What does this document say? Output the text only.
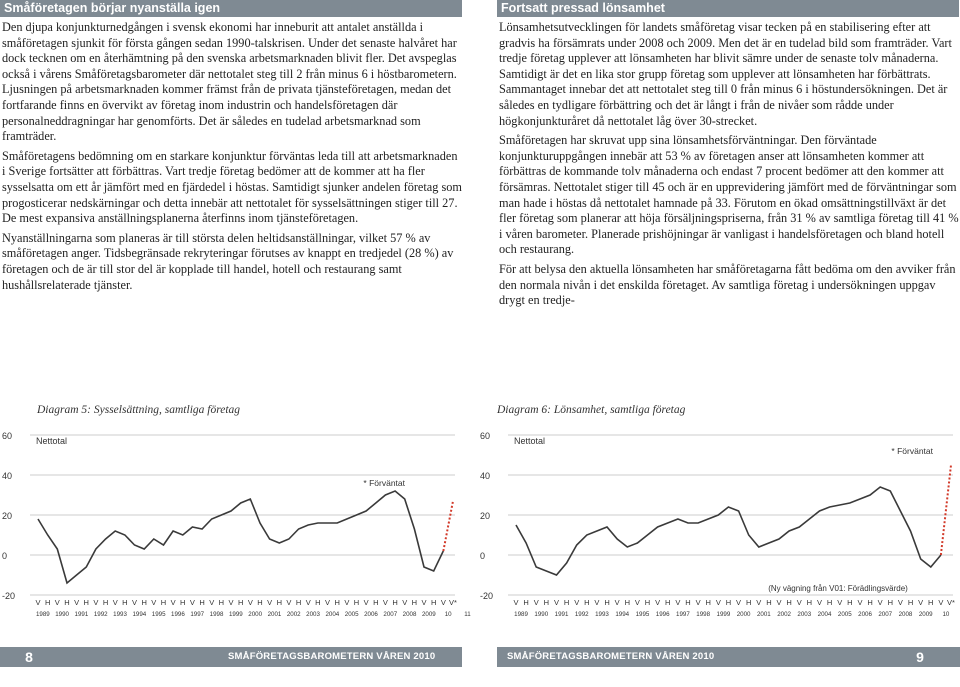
Småföretagen börjar nyanställa igen

Den djupa konjunkturnedgången i svensk ekonomi har inneburit att antalet anställda i småföretagen sjunkit för första gången sedan 1990-talskrisen. Under det senaste halvåret har dock tecknen om en återhämtning på den svenska arbetsmarknaden blivit fler. Det avspeglas också i vårens Småföretagsbarometer där nettotalet steg till 2 från minus 6 i höstbarometern. Ljusningen på arbetsmarknaden kommer främst från de privata tjänsteföretagen, medan det fortfarande finns en övervikt av företag inom industrin och handelsföretagen där personalneddragningar har genomförts. Det är således en tudelad arbetsmarknad som framträder.

Småföretagens bedömning om en starkare konjunktur förväntas leda till att arbetsmarknaden i Sverige fortsätter att förbättras. Vart tredje företag bedömer att de kommer att ha fler sysselsatta om ett år jämfört med en fjärdedel i höstas. Samtidigt sjunker andelen företag som progosticerar nedskärningar och detta innebär att nettotalet för sysselsättningen stiger till 27. De mest expansiva anställningsplanerna återfinns inom tjänsteföretagen.

Nyanställningarna som planeras är till största delen heltidsanställningar, vilket 57 % av småföretagen anger. Tidsbegränsade rekryteringar förutses av knappt en tredjedel (28 %) av företagen och de är till stor del är kopplade till handel, hotell och restaurang samt hushållsrelaterade tjänster.

Fortsatt pressad lönsamhet

Lönsamhetsutvecklingen för landets småföretag visar tecken på en stabilisering efter att gradvis ha försämrats under 2008 och 2009. Men det är en tudelad bild som framträder. Vart tredje företag upplever att lönsamheten har blivit sämre under de senaste tolv månaderna. Samtidigt är det en lika stor grupp företag som upplever att lönsamheten har förbättrats. Sammantaget innebar det att nettotalet steg till 0 från minus 6 i höstundersökningen. Det är således en tydligare förbättring och det är långt i från de nivåer som rådde under högkonjunkturåret då nettotalet låg över 30-strecket.

Småföretagen har skruvat upp sina lönsamhetsförväntningar. Den förväntade konjunkturuppgången innebär att 53 % av företagen anser att lönsamheten kommer att förbättras de kommande tolv månaderna och endast 7 procent bedömer att den kommer att försämras. Nettotalet stiger till 45 och är en upprevidering jämfört med de förväntningar som man hade i höstas då nettotalet hamnade på 33. Förutom en ökad omsättningstillväxt är det fler företag som planerar att höja försäljningspriserna, från 31 % av samtliga företag till 41 % i våren barometer. Planerade prishöjningar är vanligast i handelsföretagen och bland hotell och restaurang.

För att belysa den aktuella lönsamheten har småföretagarna fått bedöma om den avviker från den normala nivån i det enskilda företaget. Av samtliga företag i undersökningen uppgav drygt en tredje-

Diagram 5: Sysselsättning, samtliga företag	Diagram 6: Lönsamhet, samtliga företag
60
40
20
0
-20
Nettotal
* Förväntat
V H V H V H V H V H V H V H V H V H V H V H V H V H V H V H V H V H V H V H V H V H V V*
1989 1990 1991 1992 1993 1994 1995 1996 1997 1998 1999 2000 2001 2002 2003 2004 2005 2006 2007 2008 2009 10 11
60
40
20
0
-20
Nettotal
* Förväntat
(Ny vägning från V01: Förädlingsvärde)
V H V H V H V H V H V H V H V H V H V H V H V H V H V H V H V H V H V H V H V H V H V V*
1989 1990 1991 1992 1993 1994 1995 1996 1997 1998 1999 2000 2001 2002 2003 2004 2005 2006 2007 2008 2009 10
8	SMÅFÖRETAGSBAROMETERN VÅREN 2010	SMÅFÖRETAGSBAROMETERN VÅREN 2010	9
